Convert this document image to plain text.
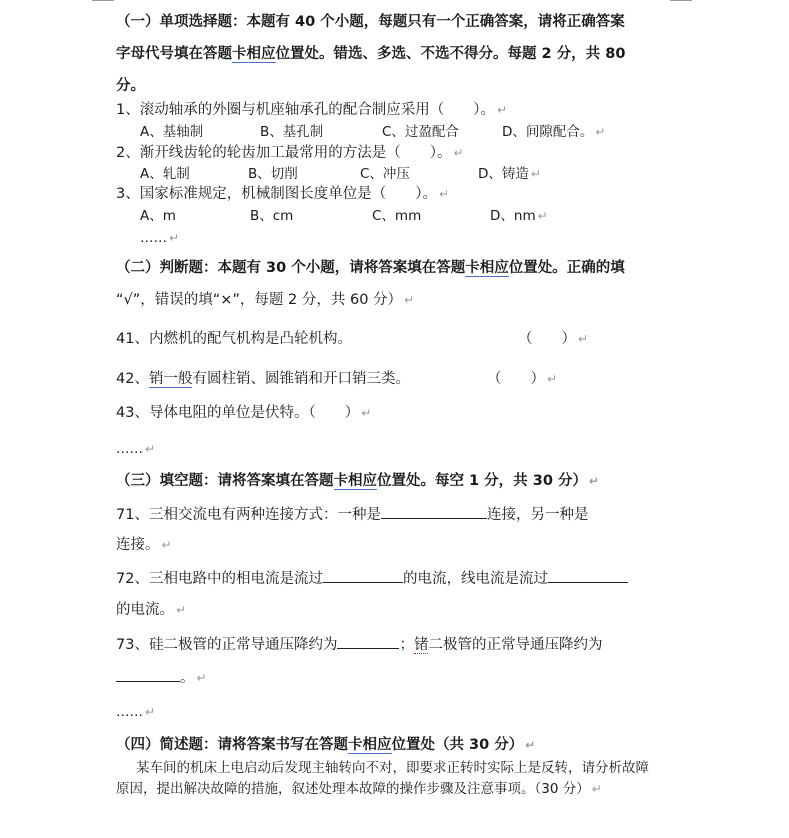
（一）单项选择题：本题有 40 个小题，每题只有一个正确答案，请将正确答案
字母代号填在答题卡相应位置处。错选、多选、不选不得分。每题 2 分，共 80
分。
1、滚动轴承的外圈与机座轴承孔的配合制应采用（　　）。 ↵
A、基轴制	B、基孔制	C、过盈配合	D、间隙配合。 ↵
2、渐开线齿轮的轮齿加工最常用的方法是（　　）。 ↵
A、轧制	B、切削	C、冲压	D、铸造 ↵
3、国家标准规定，机械制图长度单位是（　　）。 ↵
A、m	B、cm	C、mm	D、nm ↵
…… ↵
（二）判断题：本题有 30 个小题，请将答案填在答题卡相应位置处。正确的填
“√”，错误的填“×”，每题 2 分，共 60 分） ↵
41、内燃机的配气机构是凸轮机构。	（　　） ↵
42、销一般有圆柱销、圆锥销和开口销三类。	（　　） ↵
43、导体电阻的单位是伏特。（　　） ↵
…… ↵
（三）填空题：请将答案填在答题卡相应位置处。每空 1 分，共 30 分） ↵
71、三相交流电有两种连接方式：一种是	连接，另一种是
连接。 ↵
72、三相电路中的相电流是流过	的电流，线电流是流过
的电流。 ↵
73、硅二极管的正常导通压降约为	；锗二极管的正常导通压降约为
。 ↵
…… ↵
（四）简述题：请将答案书写在答题卡相应位置处（共 30 分） ↵
某车间的机床上电启动后发现主轴转向不对，即要求正转时实际上是反转，请分析故障
原因，提出解决故障的措施，叙述处理本故障的操作步骤及注意事项。（30 分） ↵
